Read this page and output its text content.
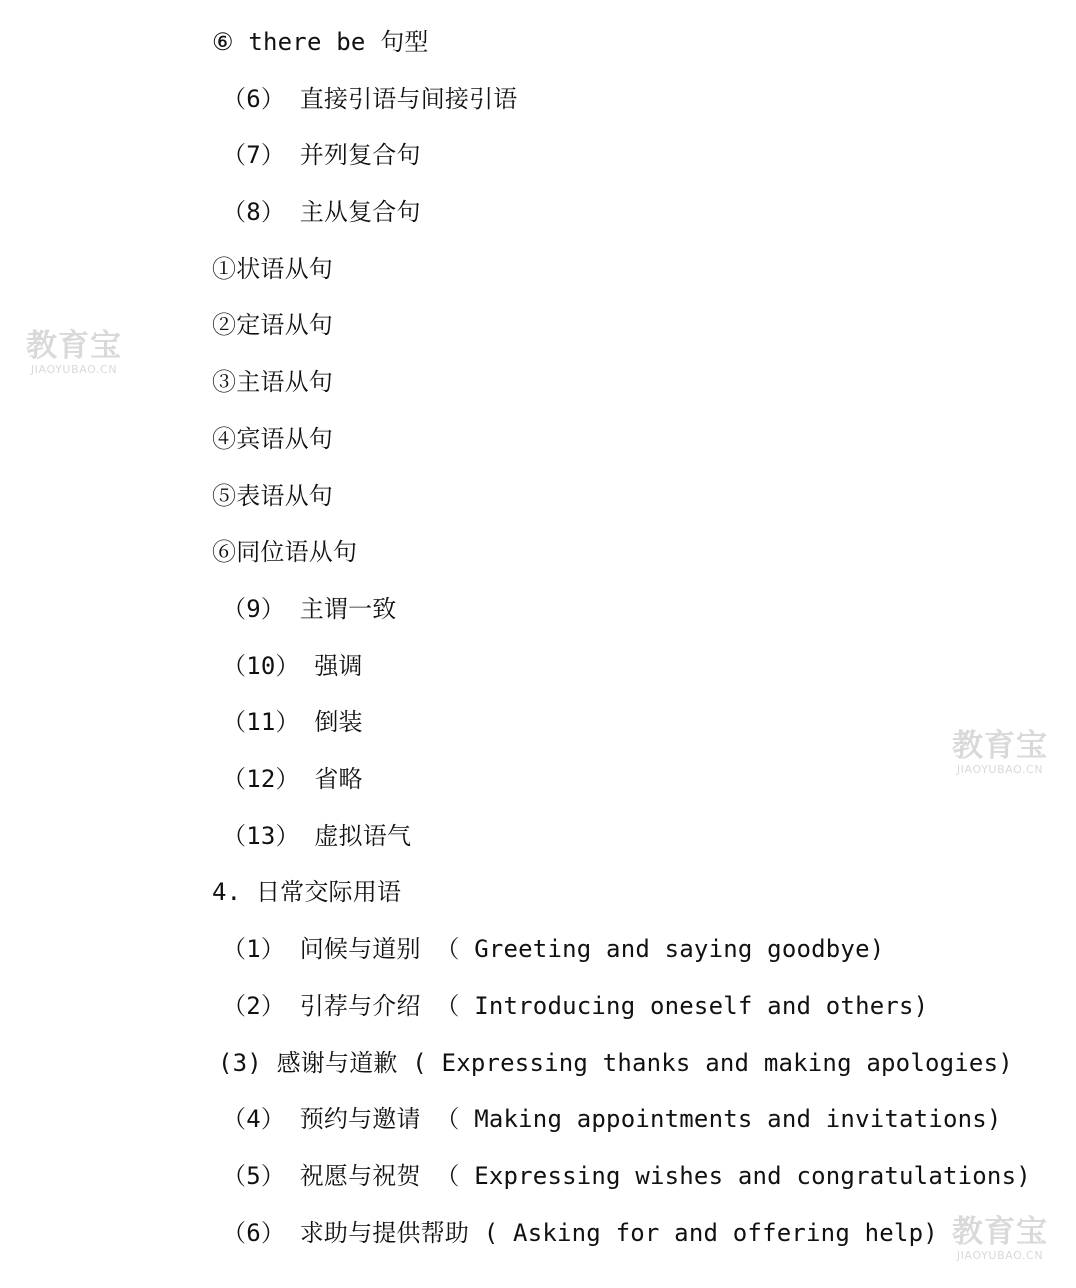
⑥ there be 句型
（6） 直接引语与间接引语
（7） 并列复合句
（8） 主从复合句
①状语从句
②定语从句
③主语从句
④宾语从句
⑤表语从句
⑥同位语从句
（9） 主谓一致
（10） 强调
（11） 倒装
（12） 省略
（13） 虚拟语气
4. 日常交际用语
（1） 问候与道别 （ Greeting and saying goodbye)
（2） 引荐与介绍 （ Introducing oneself and others)
(3) 感谢与道歉 ( Expressing thanks and making apologies)
（4） 预约与邀请 （ Making appointments and invitations)
（5） 祝愿与祝贺 （ Expressing wishes and congratulations)
（6） 求助与提供帮助 ( Asking for and offering help)
教育宝
JIAOYUBAO.CN
教育宝
JIAOYUBAO.CN
教育宝
JIAOYUBAO.CN
